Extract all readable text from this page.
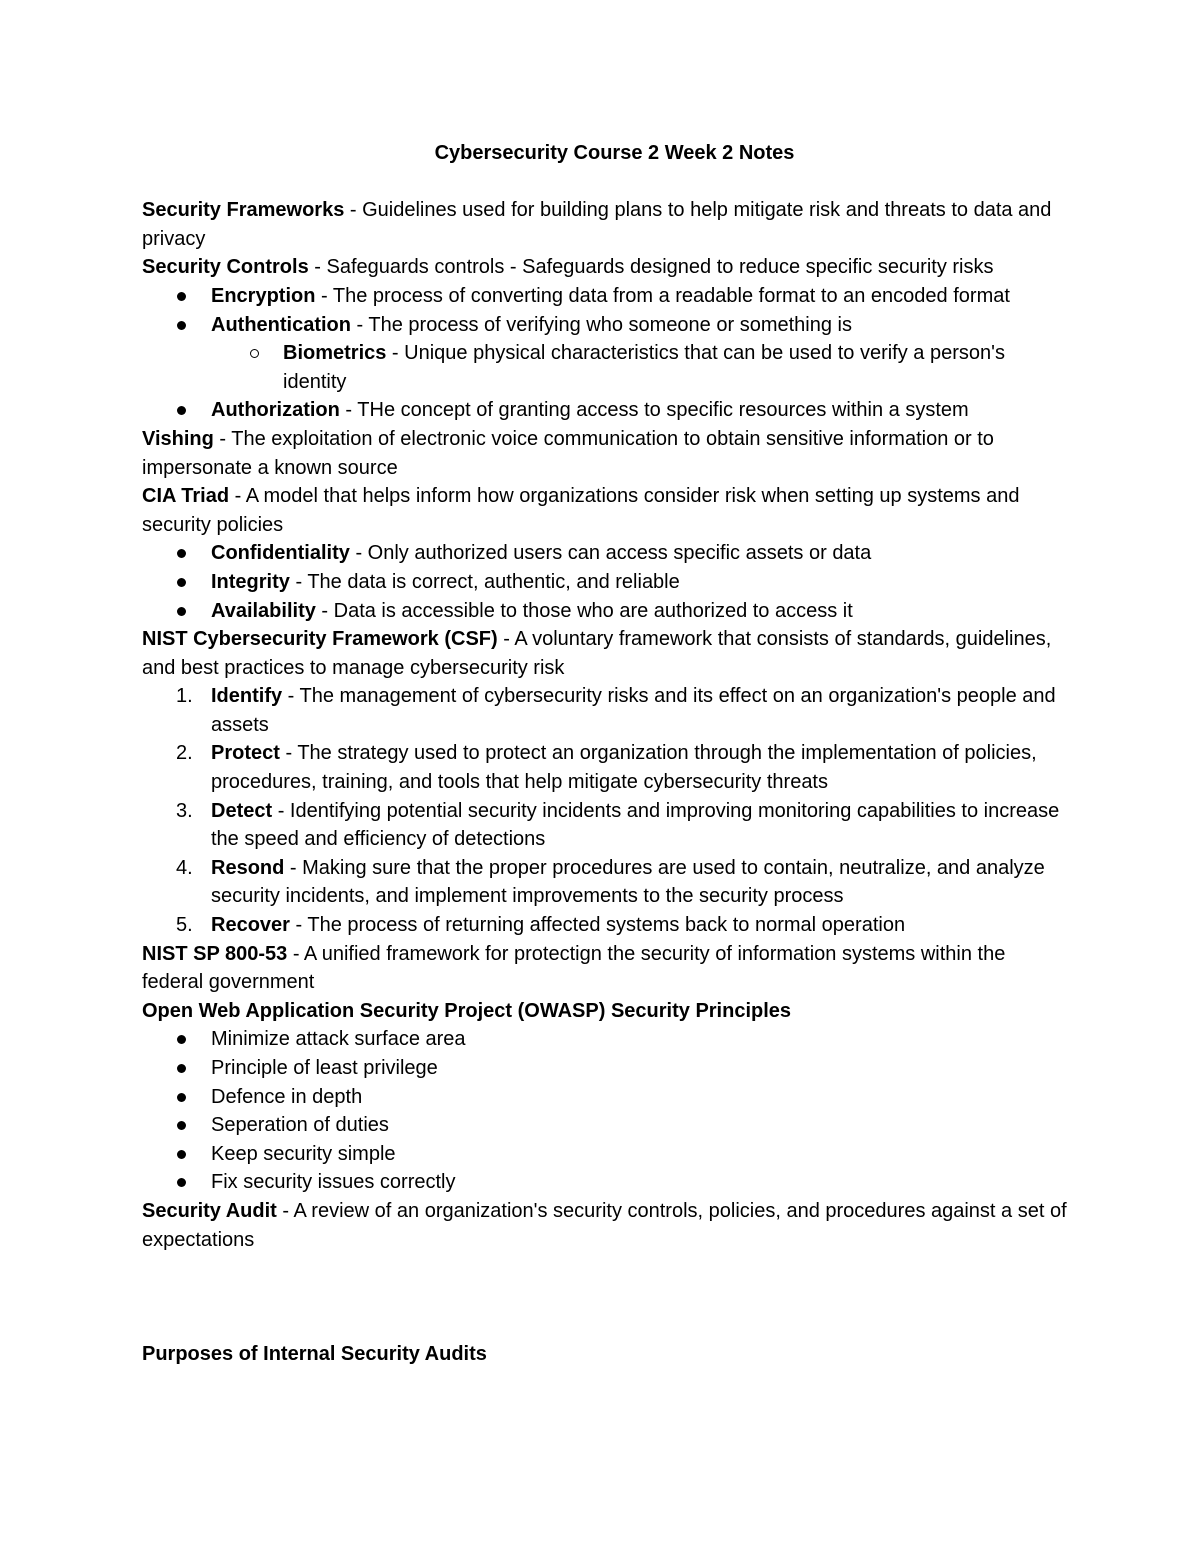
Cybersecurity Course 2 Week 2 Notes

Security Frameworks - Guidelines used for building plans to help mitigate risk and threats to data and privacy

Security Controls - Safeguards controls - Safeguards designed to reduce specific security risks

Encryption - The process of converting data from a readable format to an encoded format
Authentication - The process of verifying who someone or something is
Biometrics - Unique physical characteristics that can be used to verify a person's identity
Authorization - THe concept of granting access to specific resources within a system

Vishing - The exploitation of electronic voice communication to obtain sensitive information or to impersonate a known source

CIA Triad - A model that helps inform how organizations consider risk when setting up systems and security policies

Confidentiality - Only authorized users can access specific assets or data
Integrity - The data is correct, authentic, and reliable
Availability - Data is accessible to those who are authorized to access it

NIST Cybersecurity Framework (CSF) - A voluntary framework that consists of standards, guidelines, and best practices to manage cybersecurity risk

1. Identify - The management of cybersecurity risks and its effect on an organization's people and assets
2. Protect - The strategy used to protect an organization through the implementation of policies, procedures, training, and tools that help mitigate cybersecurity threats
3. Detect - Identifying potential security incidents and improving monitoring capabilities to increase the speed and efficiency of detections
4. Resond - Making sure that the proper procedures are used to contain, neutralize, and analyze security incidents, and implement improvements to the security process
5. Recover - The process of returning affected systems back to normal operation

NIST SP 800-53 - A unified framework for protectign the security of information systems within the federal government

Open Web Application Security Project (OWASP) Security Principles

Minimize attack surface area
Principle of least privilege
Defence in depth
Seperation of duties
Keep security simple
Fix security issues correctly

Security Audit - A review of an organization's security controls, policies, and procedures against a set of expectations

Purposes of Internal Security Audits
